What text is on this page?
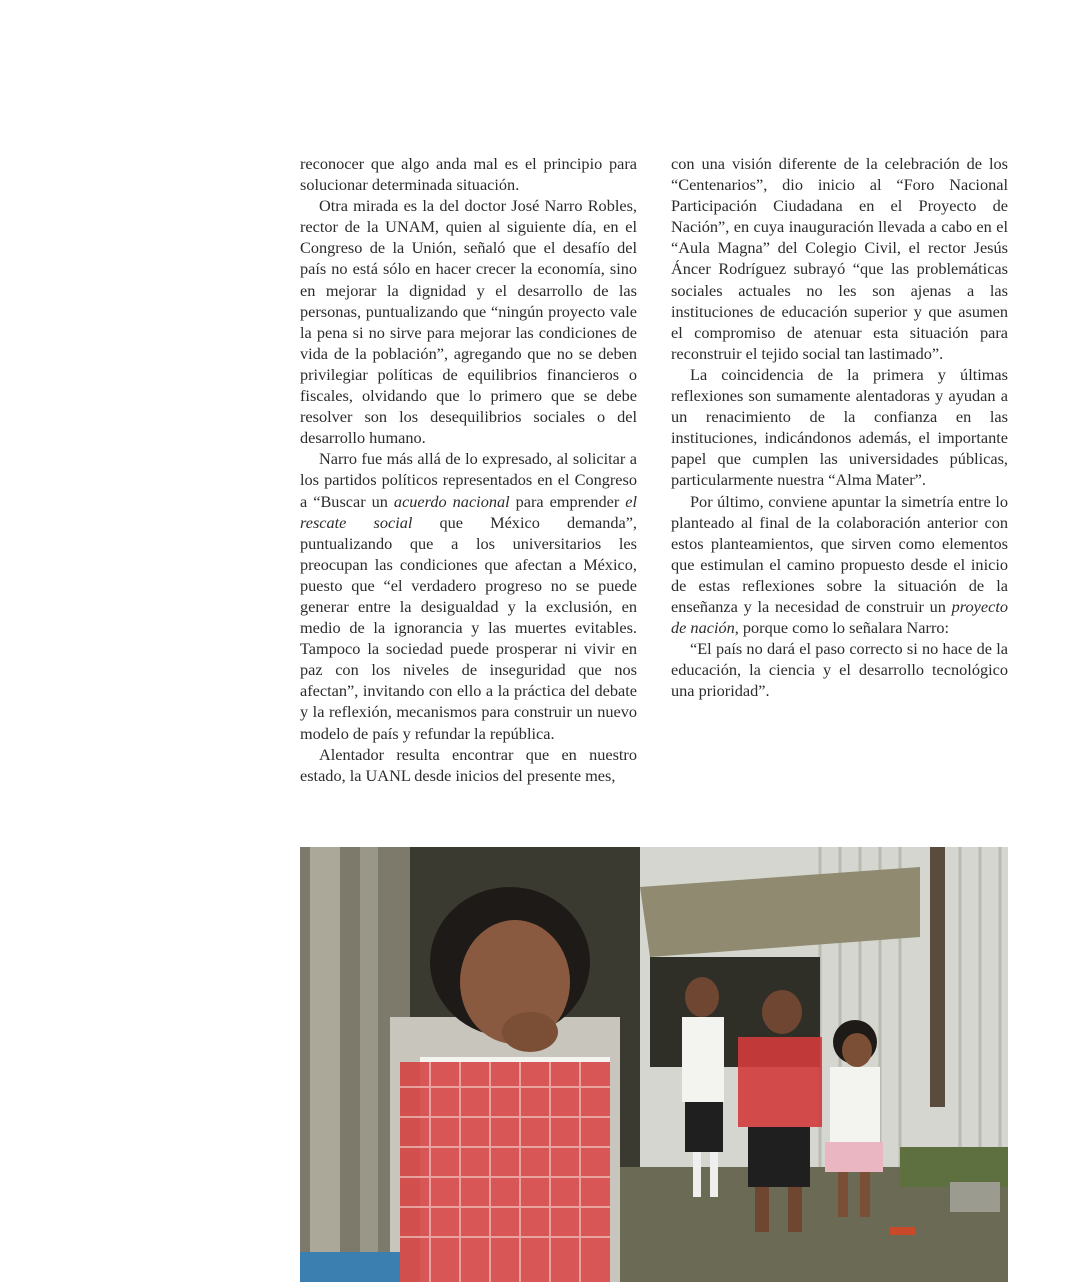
reconocer que algo anda mal es el principio para solucionar determinada situación.

Otra mirada es la del doctor José Narro Robles, rector de la UNAM, quien al siguiente día, en el Congreso de la Unión, señaló que el desafío del país no está sólo en hacer crecer la economía, sino en mejorar la dignidad y el desarrollo de las personas, puntualizando que “ningún proyecto vale la pena si no sirve para mejorar las condiciones de vida de la población”, agregando que no se deben privilegiar políticas de equilibrios financieros o fiscales, olvidando que lo primero que se debe resolver son los desequilibrios sociales o del desarrollo humano.

Narro fue más allá de lo expresado, al solicitar a los partidos políticos representados en el Congreso a “Buscar un acuerdo nacional para emprender el rescate social que México demanda”, puntualizando que a los universitarios les preocupan las condiciones que afectan a México, puesto que “el verdadero progreso no se puede generar entre la desigualdad y la exclusión, en medio de la ignorancia y las muertes evitables. Tampoco la sociedad puede prosperar ni vivir en paz con los niveles de inseguridad que nos afectan”, invitando con ello a la práctica del debate y la reflexión, mecanismos para construir un nuevo modelo de país y refundar la república.

Alentador resulta encontrar que en nuestro estado, la UANL desde inicios del presente mes,

con una visión diferente de la celebración de los “Centenarios”, dio inicio al “Foro Nacional Participación Ciudadana en el Proyecto de Nación”, en cuya inauguración llevada a cabo en el “Aula Magna” del Colegio Civil, el rector Jesús Áncer Rodríguez subrayó “que las problemáticas sociales actuales no les son ajenas a las instituciones de educación superior y que asumen el compromiso de atenuar esta situación para reconstruir el tejido social tan lastimado”.

La coincidencia de la primera y últimas reflexiones son sumamente alentadoras y ayudan a un renacimiento de la confianza en las instituciones, indicándonos además, el importante papel que cumplen las universidades públicas, particularmente nuestra “Alma Mater”.

Por último, conviene apuntar la simetría entre lo planteado al final de la colaboración anterior con estos planteamientos, que sirven como elementos que estimulan el camino propuesto desde el inicio de estas reflexiones sobre la situación de la enseñanza y la necesidad de construir un proyecto de nación, porque como lo señalara Narro:

“El país no dará el paso correcto si no hace de la educación, la ciencia y el desarrollo tecnológico una prioridad”.
